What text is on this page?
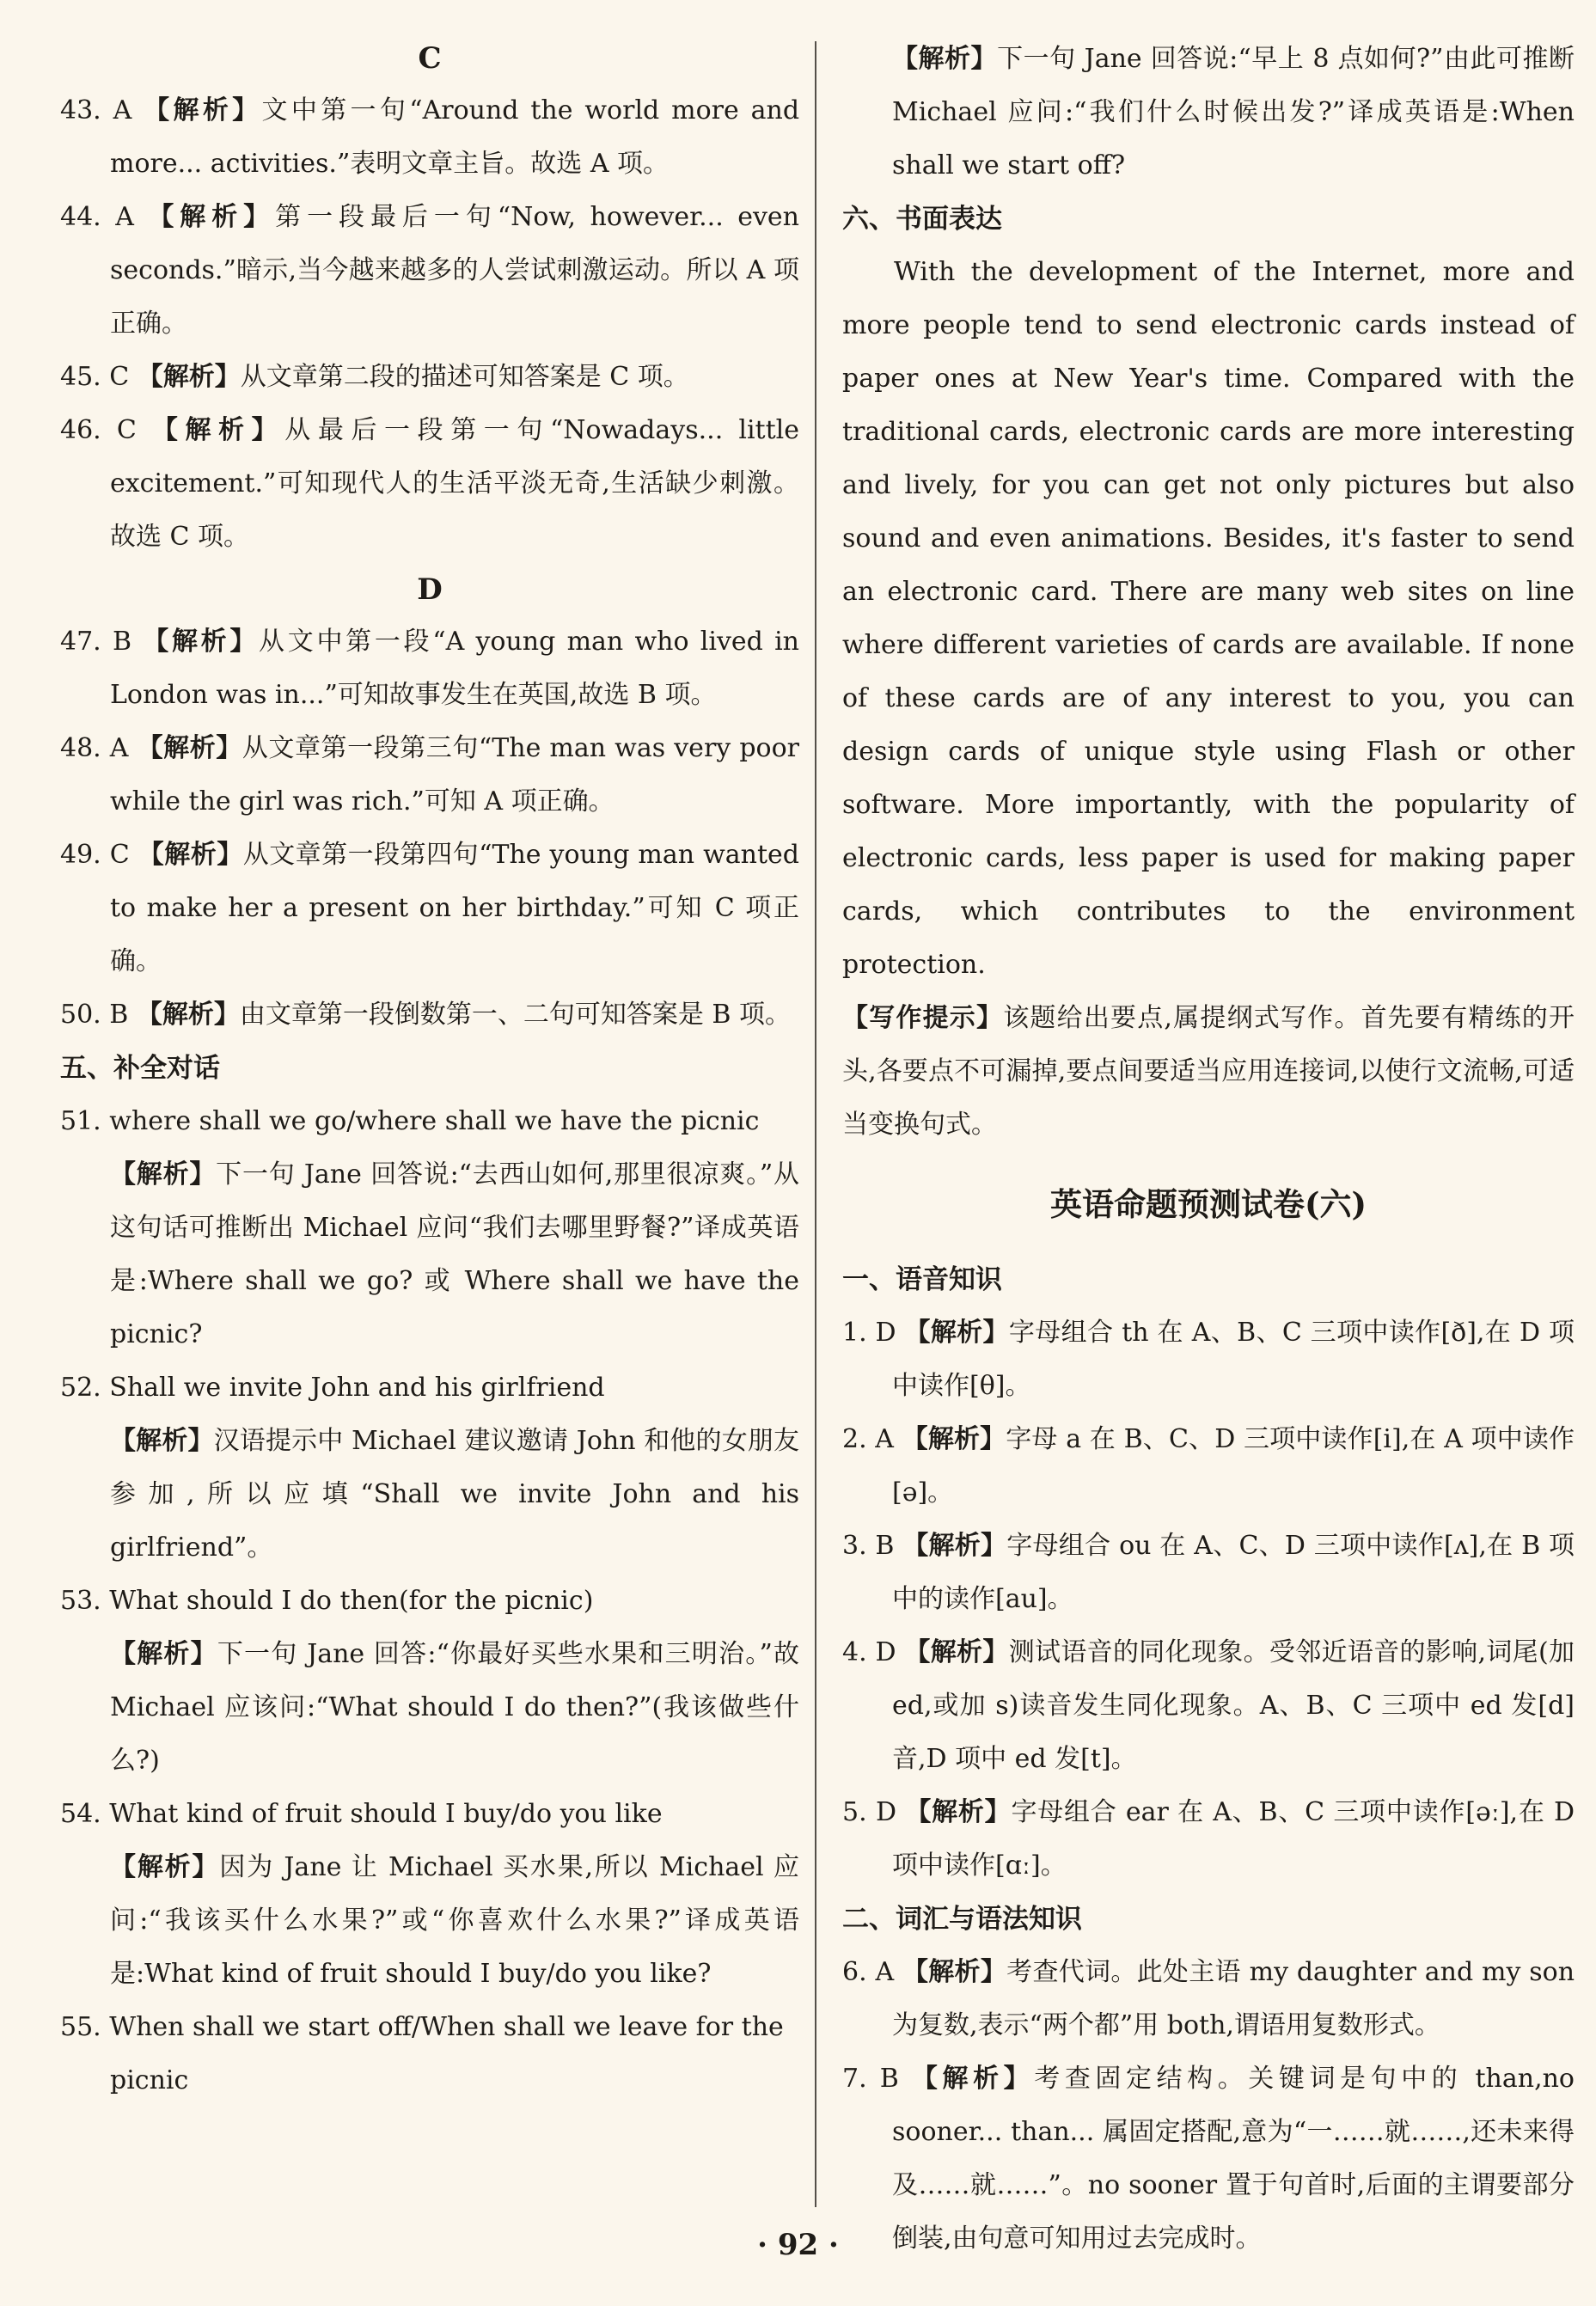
C
43. A 【解析】文中第一句“Around the world more and more... activities.”表明文章主旨。故选 A 项。
44. A 【解析】第一段最后一句“Now, however... even seconds.”暗示,当今越来越多的人尝试刺激运动。所以 A 项正确。
45. C 【解析】从文章第二段的描述可知答案是 C 项。
46. C 【解析】从最后一段第一句“Nowadays... little excitement.”可知现代人的生活平淡无奇,生活缺少刺激。故选 C 项。
D
47. B 【解析】从文中第一段“A young man who lived in London was in...”可知故事发生在英国,故选 B 项。
48. A 【解析】从文章第一段第三句“The man was very poor while the girl was rich.”可知 A 项正确。
49. C 【解析】从文章第一段第四句“The young man wanted to make her a present on her birthday.”可知 C 项正确。
50. B 【解析】由文章第一段倒数第一、二句可知答案是 B 项。
五、补全对话
51. where shall we go/where shall we have the picnic
【解析】下一句 Jane 回答说:“去西山如何,那里很凉爽。”从这句话可推断出 Michael 应问“我们去哪里野餐?”译成英语是:Where shall we go? 或 Where shall we have the picnic?
52. Shall we invite John and his girlfriend
【解析】汉语提示中 Michael 建议邀请 John 和他的女朋友参加,所以应填“Shall we invite John and his girlfriend”。
53. What should I do then(for the picnic)
【解析】下一句 Jane 回答:“你最好买些水果和三明治。”故 Michael 应该问:“What should I do then?”(我该做些什么?)
54. What kind of fruit should I buy/do you like
【解析】因为 Jane 让 Michael 买水果,所以 Michael 应问:“我该买什么水果?”或“你喜欢什么水果?”译成英语是:What kind of fruit should I buy/do you like?
55. When shall we start off/When shall we leave for the picnic
【解析】下一句 Jane 回答说:“早上 8 点如何?”由此可推断 Michael 应问:“我们什么时候出发?”译成英语是:When shall we start off?
六、书面表达
With the development of the Internet, more and more people tend to send electronic cards instead of paper ones at New Year's time. Compared with the traditional cards, electronic cards are more interesting and lively, for you can get not only pictures but also sound and even animations. Besides, it's faster to send an electronic card. There are many web sites on line where different varieties of cards are available. If none of these cards are of any interest to you, you can design cards of unique style using Flash or other software. More importantly, with the popularity of electronic cards, less paper is used for making paper cards, which contributes to the environment protection.
【写作提示】该题给出要点,属提纲式写作。首先要有精练的开头,各要点不可漏掉,要点间要适当应用连接词,以使行文流畅,可适当变换句式。
英语命题预测试卷(六)
一、语音知识
1. D 【解析】字母组合 th 在 A、B、C 三项中读作[ð],在 D 项中读作[θ]。
2. A 【解析】字母 a 在 B、C、D 三项中读作[i],在 A 项中读作[ə]。
3. B 【解析】字母组合 ou 在 A、C、D 三项中读作[ʌ],在 B 项中的读作[au]。
4. D 【解析】测试语音的同化现象。受邻近语音的影响,词尾(加 ed,或加 s)读音发生同化现象。A、B、C 三项中 ed 发[d]音,D 项中 ed 发[t]。
5. D 【解析】字母组合 ear 在 A、B、C 三项中读作[əː],在 D 项中读作[ɑː]。
二、词汇与语法知识
6. A 【解析】考查代词。此处主语 my daughter and my son 为复数,表示“两个都”用 both,谓语用复数形式。
7. B 【解析】考查固定结构。关键词是句中的 than,no sooner... than... 属固定搭配,意为“一……就……,还未来得及……就……”。no sooner 置于句首时,后面的主谓要部分倒装,由句意可知用过去完成时。
· 92 ·
